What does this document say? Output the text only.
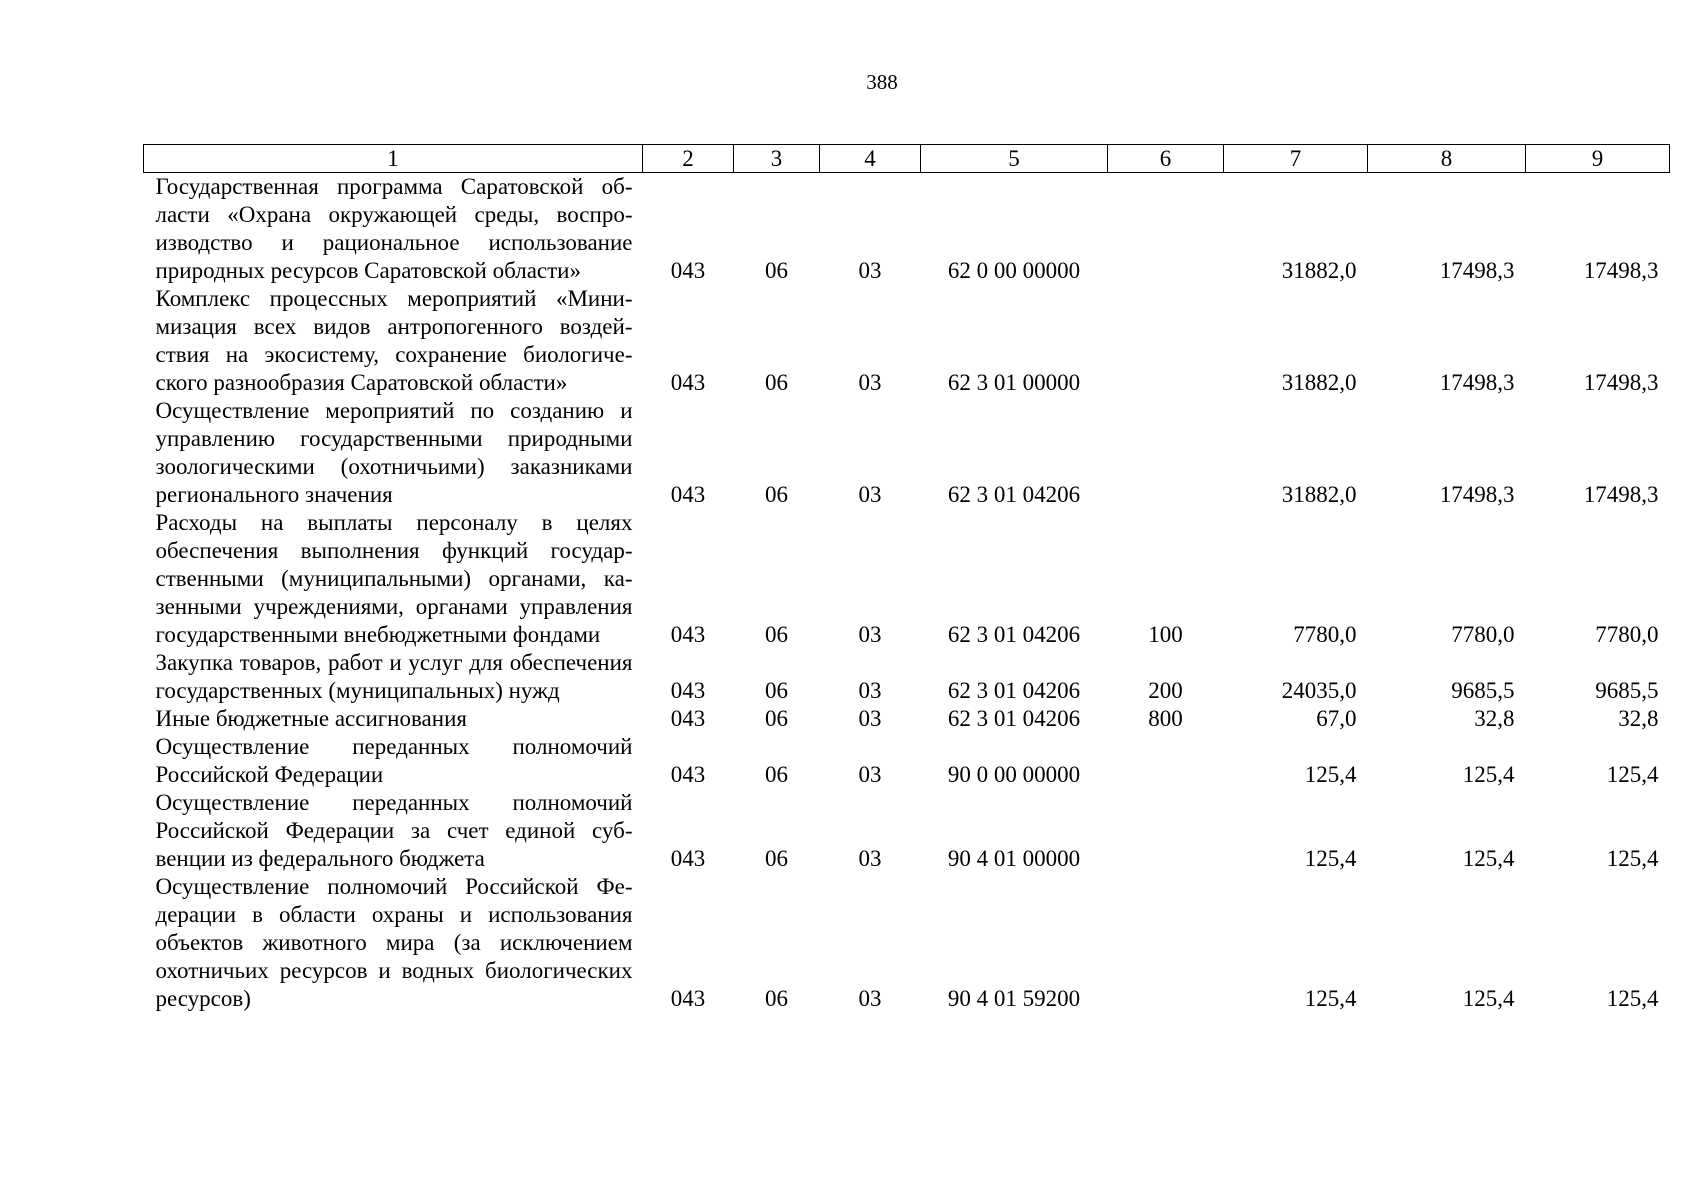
388
1	2	3	4	5	6	7	8	9
Государственная программа Саратовской области «Охрана окружающей среды, воспроизводство и рациональное использование природных ресурсов Саратовской области»	043	06	03	62 0 00 00000		31882,0	17498,3	17498,3
Комплекс процессных мероприятий «Минимизация всех видов антропогенного воздействия на экосистему, сохранение биологического разнообразия Саратовской области»	043	06	03	62 3 01 00000		31882,0	17498,3	17498,3
Осуществление мероприятий по созданию и управлению государственными природными зоологическими (охотничьими) заказниками регионального значения	043	06	03	62 3 01 04206		31882,0	17498,3	17498,3
Расходы на выплаты персоналу в целях обеспечения выполнения функций государственными (муниципальными) органами, казенными учреждениями, органами управления государственными внебюджетными фондами	043	06	03	62 3 01 04206	100	7780,0	7780,0	7780,0
Закупка товаров, работ и услуг для обеспечения государственных (муниципальных) нужд	043	06	03	62 3 01 04206	200	24035,0	9685,5	9685,5
Иные бюджетные ассигнования	043	06	03	62 3 01 04206	800	67,0	32,8	32,8
Осуществление переданных полномочий Российской Федерации	043	06	03	90 0 00 00000		125,4	125,4	125,4
Осуществление переданных полномочий Российской Федерации за счет единой субвенции из федерального бюджета	043	06	03	90 4 01 00000		125,4	125,4	125,4
Осуществление полномочий Российской Федерации в области охраны и использования объектов животного мира (за исключением охотничьих ресурсов и водных биологических ресурсов)	043	06	03	90 4 01 59200		125,4	125,4	125,4
